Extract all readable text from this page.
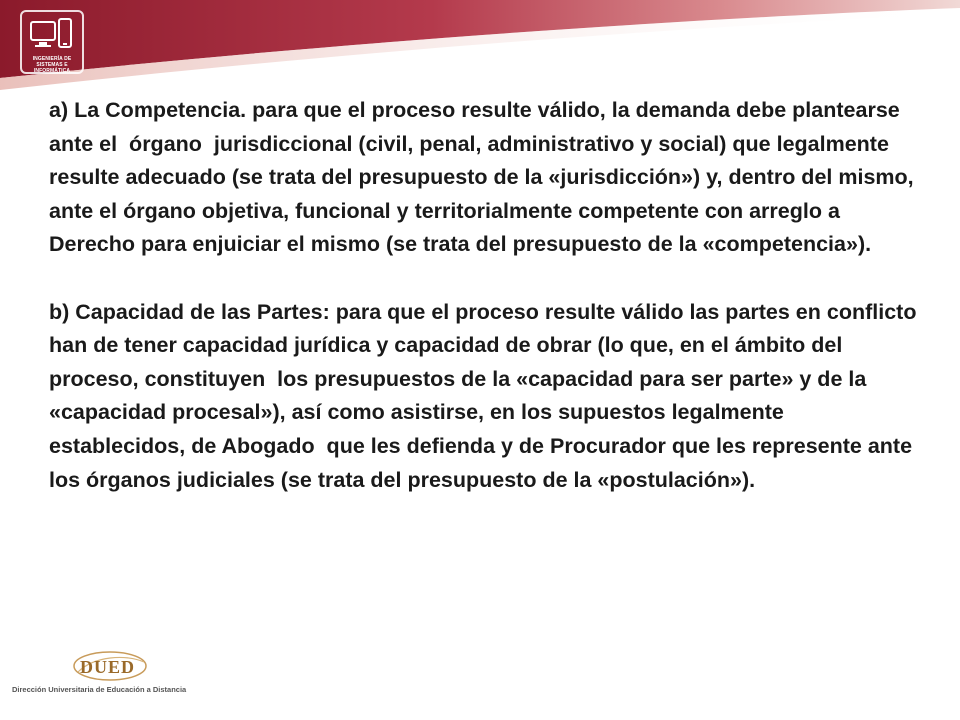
INGENIERÍA DE SISTEMAS E INFORMÁTICA

a) La Competencia. para que el proceso resulte válido, la demanda debe plantearse ante el  órgano  jurisdiccional (civil, penal, administrativo y social) que legalmente resulte adecuado (se trata del presupuesto de la «jurisdicción») y, dentro del mismo, ante el órgano objetiva, funcional y territorialmente competente con arreglo a Derecho para enjuiciar el mismo (se trata del presupuesto de la «competencia»).

b) Capacidad de las Partes: para que el proceso resulte válido las partes en conflicto han de tener capacidad jurídica y capacidad de obrar (lo que, en el ámbito del proceso, constituyen  los presupuestos de la «capacidad para ser parte» y de la «capacidad procesal»), así como asistirse, en los supuestos legalmente establecidos, de Abogado  que les defienda y de Procurador que les represente ante los órganos judiciales (se trata del presupuesto de la «postulación»).

DUED
Dirección Universitaria de Educación a Distancia
